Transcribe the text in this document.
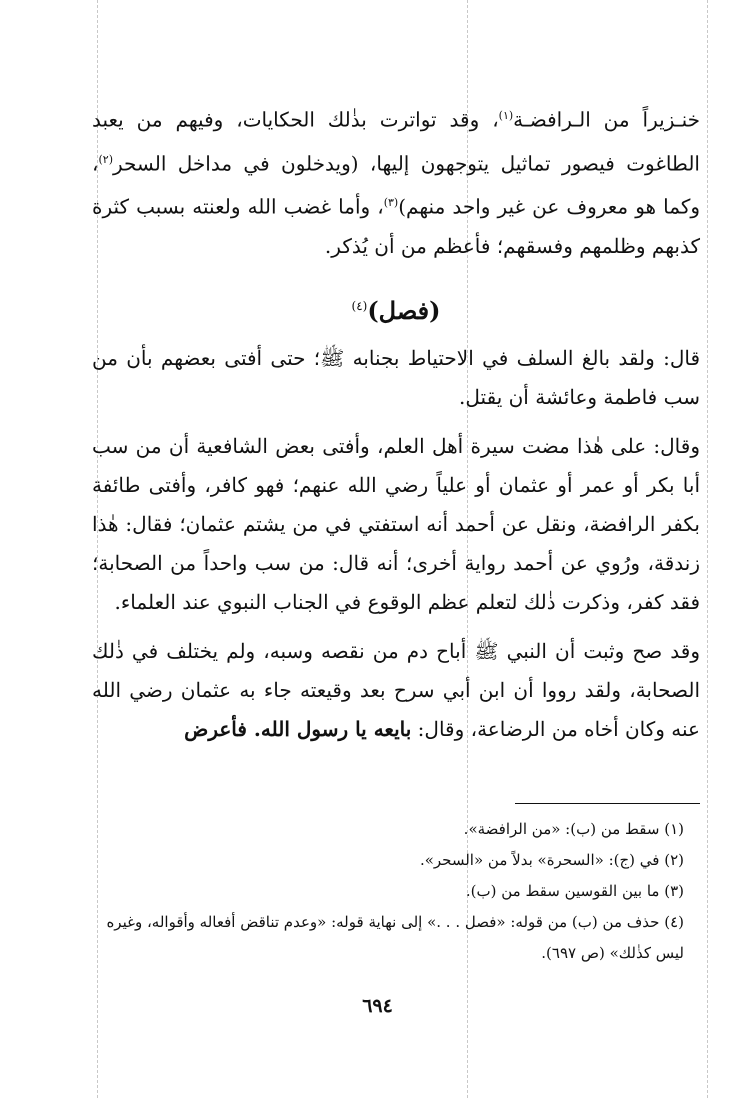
خنـزيراً من الـرافضـة$^{(١)}$، وقد تواترت بذٰلك الحكايات، وفيهم من يعبد الطاغوت فيصور تماثيل يتوجهون إليها، (ويدخلون في مداخل السحر$^{(٢)}$، وكما هو معروف عن غير واحد منهم)$^{(٣)}$، وأما غضب الله ولعنته بسبب كثرة كذبهم وظلمهم وفسقهم؛ فأعظم من أن يُذكر.

(فصل)$^{(٤)}$

قال: ولقد بالغ السلف في الاحتياط بجنابه ﷺ؛ حتى أفتى بعضهم بأن من سب فاطمة وعائشة أن يقتل.

وقال: على هٰذا مضت سيرة أهل العلم، وأفتى بعض الشافعية أن من سب أبا بكر أو عمر أو عثمان أو علياً رضي الله عنهم؛ فهو كافر، وأفتى طائفة بكفر الرافضة، ونقل عن أحمد أنه استفتي في من يشتم عثمان؛ فقال: هٰذا زندقة، ورُوي عن أحمد رواية أخرى؛ أنه قال: من سب واحداً من الصحابة؛ فقد كفر، وذكرت ذٰلك لتعلم عظم الوقوع في الجناب النبوي عند العلماء.

وقد صح وثبت أن النبي ﷺ أباح دم من نقصه وسبه، ولم يختلف في ذٰلك الصحابة، ولقد رووا أن ابن أبي سرح بعد وقيعته جاء به عثمان رضي الله عنه وكان أخاه من الرضاعة، وقال: بايعه يا رسول الله. فأعرض

(١) سقط من (ب): «من الرافضة».

(٢) في (ج): «السحرة» بدلاً من «السحر».

(٣) ما بين القوسين سقط من (ب).

(٤) حذف من (ب) من قوله: «فصل . . .» إلى نهاية قوله: «وعدم تناقض أفعاله وأقواله، وغيره ليس كذٰلك» (ص ٦٩٧).

٦٩٤
